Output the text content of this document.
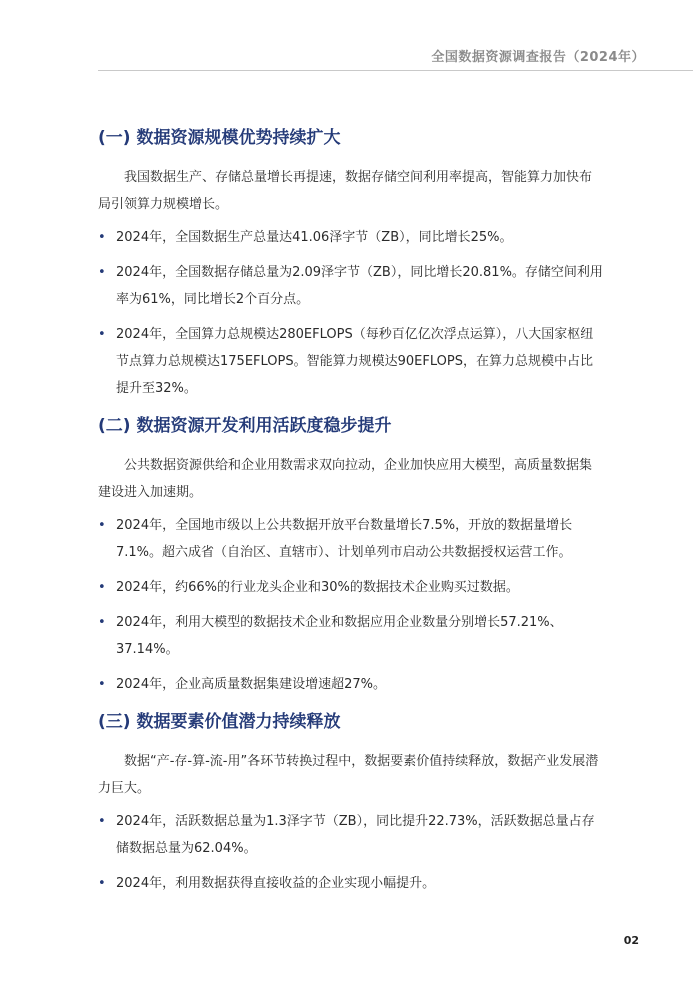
全国数据资源调查报告（2024年）
(一) 数据资源规模优势持续扩大

我国数据生产、存储总量增长再提速，数据存储空间利用率提高，智能算力加快布局引领算力规模增长。

• 2024年，全国数据生产总量达41.06泽字节（ZB），同比增长25%。
• 2024年，全国数据存储总量为2.09泽字节（ZB），同比增长20.81%。存储空间利用率为61%，同比增长2个百分点。
• 2024年，全国算力总规模达280EFLOPS（每秒百亿亿次浮点运算），八大国家枢纽节点算力总规模达175EFLOPS。智能算力规模达90EFLOPS，在算力总规模中占比提升至32%。
(二) 数据资源开发利用活跃度稳步提升

公共数据资源供给和企业用数需求双向拉动，企业加快应用大模型，高质量数据集建设进入加速期。

• 2024年，全国地市级以上公共数据开放平台数量增长7.5%，开放的数据量增长7.1%。超六成省（自治区、直辖市）、计划单列市启动公共数据授权运营工作。
• 2024年，约66%的行业龙头企业和30%的数据技术企业购买过数据。
• 2024年，利用大模型的数据技术企业和数据应用企业数量分别增长57.21%、37.14%。
• 2024年，企业高质量数据集建设增速超27%。
(三) 数据要素价值潜力持续释放

数据“产-存-算-流-用”各环节转换过程中，数据要素价值持续释放，数据产业发展潜力巨大。

• 2024年，活跃数据总量为1.3泽字节（ZB），同比提升22.73%，活跃数据总量占存储数据总量为62.04%。
• 2024年，利用数据获得直接收益的企业实现小幅提升。
02
